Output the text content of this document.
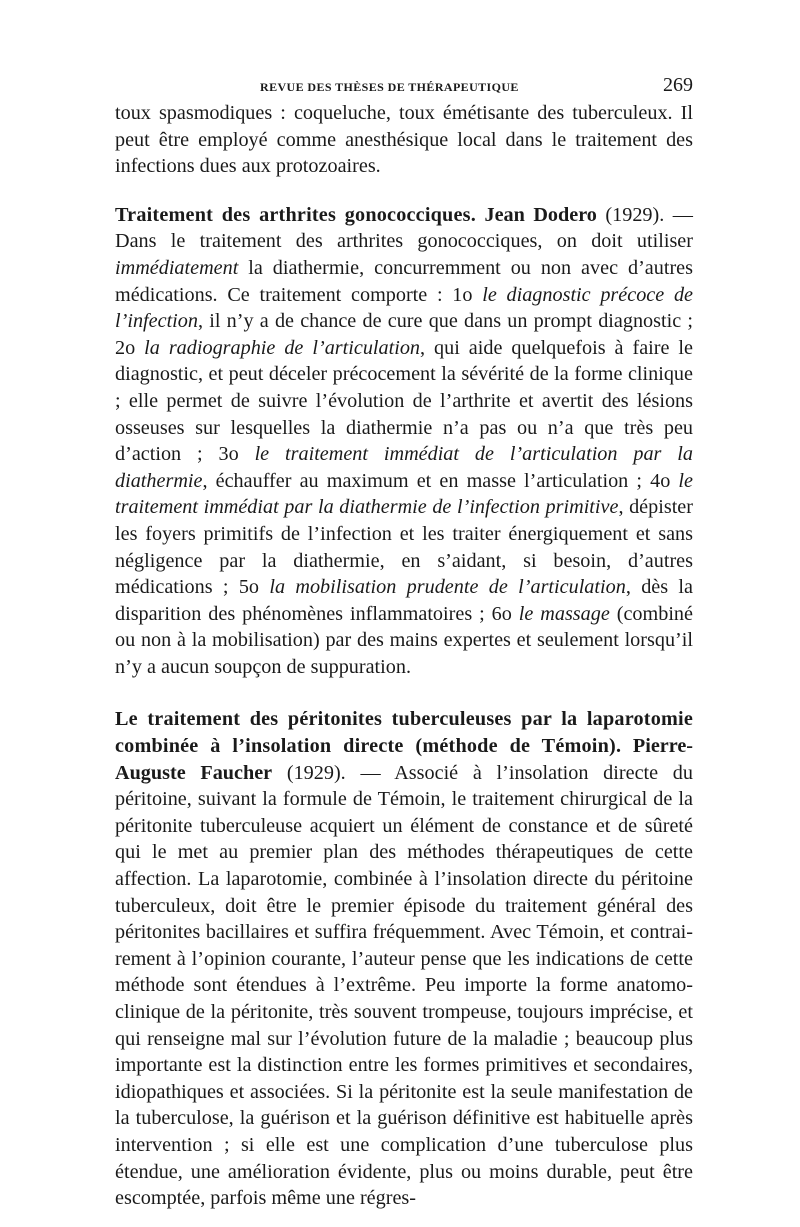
REVUE DES THÈSES DE THÉRAPEUTIQUE	269

toux spasmodiques : coqueluche, toux émétisante des tuberculeux. Il peut être employé comme anesthésique local dans le traitement des infections dues aux protozoaires.

Traitement des arthrites gonococciques. Jean Dodero (1929). — Dans le traitement des arthrites gonococciques, on doit utiliser immédiatement la diathermie, concurremment ou non avec d’autres médications. Ce traitement comporte : 1o le diagnostic précoce de l’infection, il n’y a de chance de cure que dans un prompt diagnostic ; 2o la radiographie de l’articulation, qui aide quelquefois à faire le diagnostic, et peut déceler précocement la sévérité de la forme clinique ; elle permet de suivre l’évolution de l’arthrite et avertit des lésions osseuses sur lesquelles la diathermie n’a pas ou n’a que très peu d’action ; 3o le traitement immédiat de l’articulation par la diathermie, échauffer au maximum et en masse l’articulation ; 4o le traitement immédiat par la diathermie de l’infection primitive, dépister les foyers primitifs de l’infection et les traiter énergiquement et sans négligence par la diathermie, en s’aidant, si besoin, d’autres médications ; 5o la mobilisation prudente de l’articulation, dès la disparition des phénomènes inflammatoires ; 6o le massage (combiné ou non à la mobilisation) par des mains expertes et seulement lorsqu’il n’y a aucun soupçon de suppuration.

Le traitement des péritonites tuberculeuses par la laparotomie combinée à l’insolation directe (méthode de Témoin). Pierre-Auguste Faucher (1929). — Associé à l’insolation directe du péritoine, suivant la formule de Témoin, le traitement chirurgical de la péritonite tuberculeuse acquiert un élément de constance et de sûreté qui le met au premier plan des méthodes thérapeutiques de cette affection. La laparotomie, combinée à l’insolation directe du péritoine tuberculeux, doit être le premier épisode du traitement général des péritonites bacillaires et suffira fréquemment. Avec Témoin, et contrairement à l’opinion courante, l’auteur pense que les indications de cette méthode sont étendues à l’extrême. Peu importe la forme anatomo-clinique de la péritonite, très souvent trompeuse, toujours imprécise, et qui renseigne mal sur l’évolution future de la maladie ; beaucoup plus importante est la distinction entre les formes primitives et secondaires, idiopathiques et associées. Si la péritonite est la seule manifestation de la tuberculose, la guérison et la guérison définitive est habituelle après intervention ; si elle est une complication d’une tuberculose plus étendue, une amélioration évidente, plus ou moins durable, peut être escomptée, parfois même une régres-
